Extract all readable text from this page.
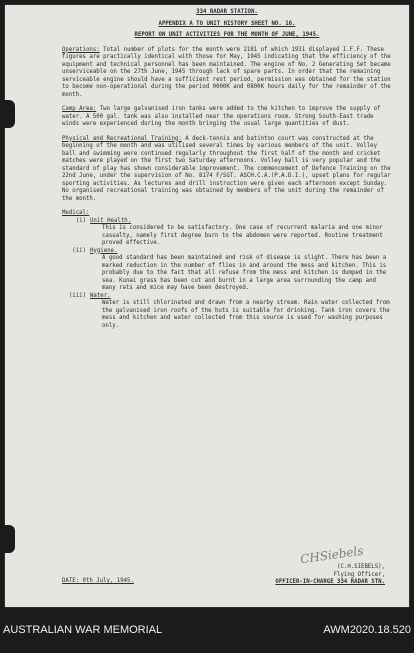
334 RADAR STATION.

APPENDIX A TO UNIT HISTORY SHEET NO. 16.

REPORT ON UNIT ACTIVITIES FOR THE MONTH OF JUNE, 1945.

Operations: Total number of plots for the month were 2181 of which 1931 displayed I.F.F. These figures are practically identical with those for May, 1945 indicating that the efficiency of the equipment and technical personnel has been maintained. The engine of No. 2 Generating Set became unserviceable on the 27th June, 1945 through lack of spare parts. In order that the remaining serviceable engine should have a sufficient rest period, permission was obtained for the station to become non-operational during the period 0000K and 0800K hours daily for the remainder of the month.

Camp Area: Two large galvanised iron tanks were added to the kitchen to improve the supply of water. A 500 gal. tank was also installed near the operations room. Strong South-East trade winds were experienced during the month bringing the usual large quantities of dust.

Physical and Recreational Training: A deck-tennis and batinton court was constructed at the beginning of the month and was utilised several times by various members of the unit. Volley ball and swimming were continued regularly throughout the first half of the month and cricket matches were played on the first two Saturday afternoons. Volley ball is very popular and the standard of play has shown considerable improvement. The commencement of Defence Training on the 22nd June, under the supervision of No. 8174 F/SGT. ASCH.C.A.(P.A.D.I.), upset plans for regular sporting activities. As lectures and drill instruction were given each afternoon except Sunday. No organised recreational training was obtained by members of the unit during the remainder of the month.

Medical:

(i) Unit Health.

This is considered to be satisfactory. One case of recurrent malaria and one minor casualty, namely first degree burn to the abdomen were reported. Routine treatment proved effective.

(ii) Hygiene.

A good standard has been maintained and risk of disease is slight. There has been a marked reduction in the number of flies in and around the mess and kitchen. This is probably due to the fact that all refuse from the mess and kitchen is dumped in the sea. Kunai grass has been cut and burnt in a large area surrounding the camp and many rats and mice may have been destroyed.

(iii) Water.

Water is still chlorinated and drawn from a nearby stream. Rain water collected from the galvanised iron roofs of the huts is suitable for drinking. Tank iron covers the mess and kitchen and water collected from this source is used for washing purposes only.

CHSiebels

(C.H.SIEBELS),

Flying Officer,

OFFICER-IN-CHARGE 334 RADAR STN.

DATE: 9th July, 1945.
AUSTRALIAN WAR MEMORIAL	AWM2020.18.520
